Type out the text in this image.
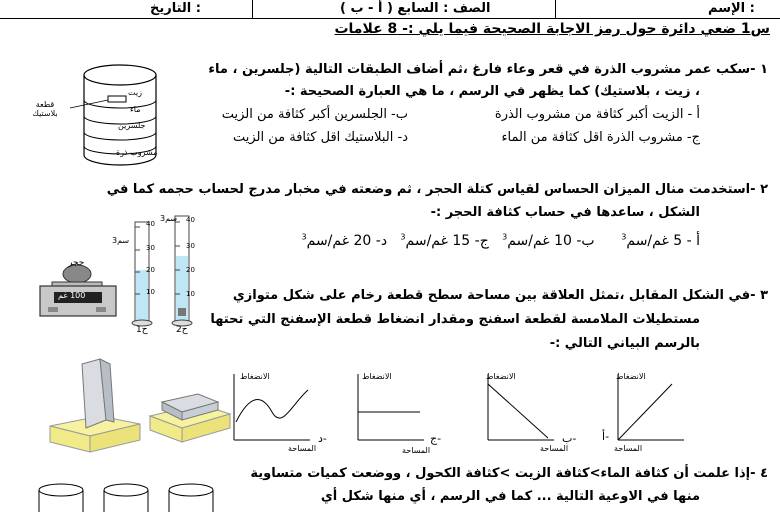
التاريخ :	الصف : السابع ( أ - ب )	الإسم :
س1 ضعي دائرة حول رمز الاجابة الصحيحة فيما يلي :- 8 علامات
١ -سكب عمر مشروب الذرة في قعر وعاء فارغ ،ثم أضاف الطبقات التالية (جلسرين ، ماء
، زيت ، بلاستيك) كما يظهر في الرسم ، ما هي العبارة الصحيحة :-
أ - الزيت أكبر كثافة من مشروب الذرة
ب- الجلسرين أكبر كثافة من الزيت
ج- مشروب الذرة اقل كثافة من الماء
د- البلاستيك اقل كثافة من الزيت
قطعة بلاستيك
زيت
ماء
جلسرين
مشروب ذرة
٢ -استخدمت منال الميزان الحساس لقياس كتلة الحجر ، ثم وضعته في مخبار مدرج لحساب حجمه كما في
الشكل ، ساعدها في حساب كثافة الحجر :-
أ - 5 غم/سم$^3$      ب- 10 غم/سم$^3$   ج- 15 غم/سم$^3$   د- 20 غم/سم$^3$
حجر
100 غم
40
30
20
10
سم3
ح1
40
30
20
10
سم3
ح2
٣ -في الشكل المقابل ،تمثل العلاقة بين مساحة سطح قطعة رخام على شكل متوازي
مستطيلات الملامسة لقطعة اسفنج ومقدار انضغاط قطعة الإسفنج التي تحتها
بالرسم البياني التالي :-
الانضغاط
المساحة
أ-
الانضغاط
المساحة
ب-
الانضغاط
المساحة
ج-
الانضغاط
المساحة
د-
٤ -إذا علمت أن كثافة الماء>كثافة الزيت >كثافة الكحول ، ووضعت كميات متساوية
منها في الاوعية التالية ... كما في الرسم ، أي منها شكل أي
